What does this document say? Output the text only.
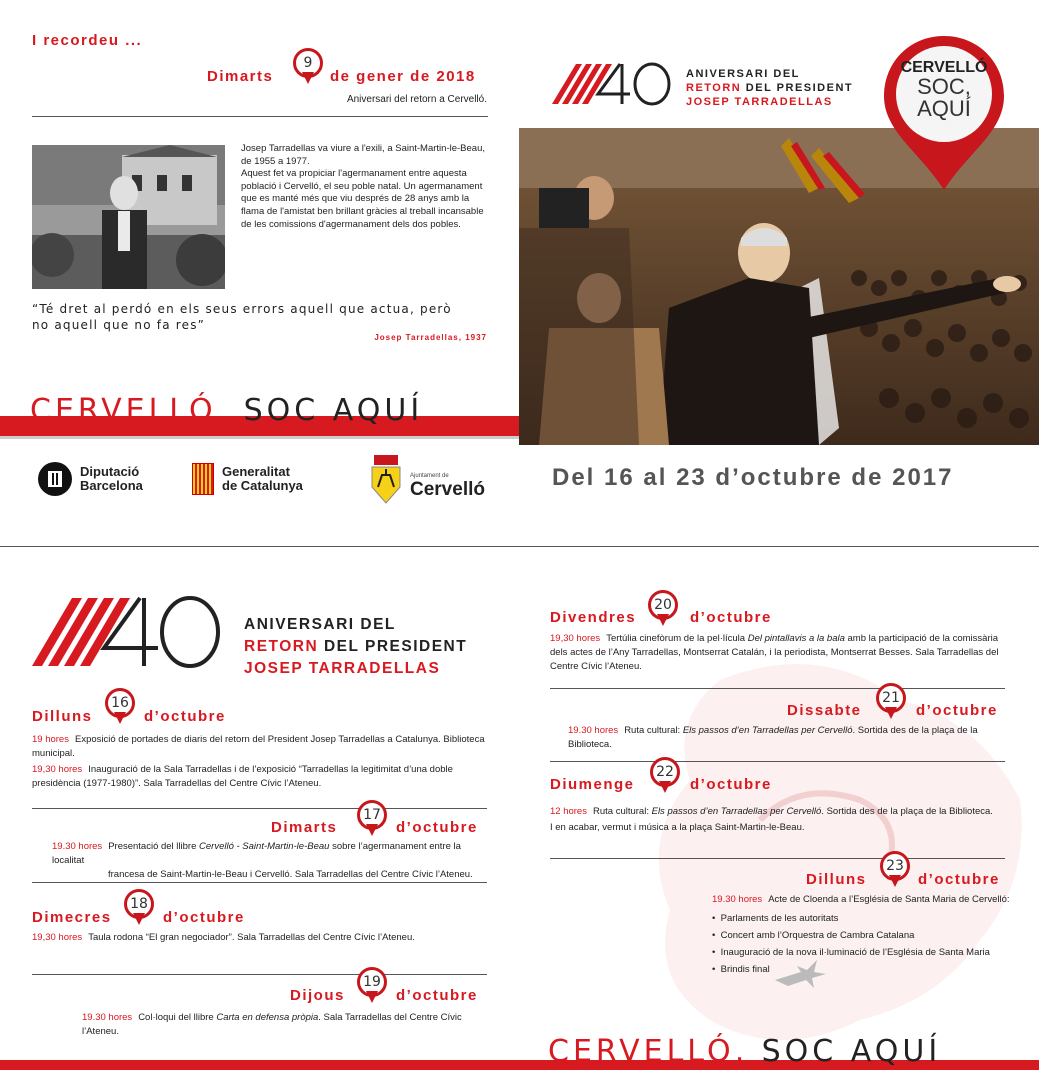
I recordeu ...
Dimarts
9
de gener de 2018
Aniversari del retorn a Cervelló.
Josep Tarradellas va viure a l'exili, a Saint-Martin-le-Beau,
de 1955 a 1977.
Aquest fet va propiciar l'agermanament entre aquesta
població i Cervelló, el seu poble natal. Un agermanament
que es manté més que viu després de 28 anys amb la
flama de l'amistat ben brillant gràcies al treball incansable
de les comissions d'agermanament dels dos pobles.
“Té dret al perdó en els seus errors aquell que actua, però
no aquell que no fa res”
Josep Tarradellas, 1937
CERVELLÓ, SOC AQUÍ
Diputació
Barcelona
Generalitat
de Catalunya
Ajuntament de
Cervelló
ANIVERSARI DEL
RETORN DEL PRESIDENT
JOSEP TARRADELLAS
CERVELLÓ
SOC,
AQUÍ
Del 16 al 23 d’octubre de 2017
ANIVERSARI DEL
RETORN DEL PRESIDENT
JOSEP TARRADELLAS
Dilluns
16
d’octubre
19 hores Exposició de portades de diaris del retorn del President Josep Tarradellas a Catalunya. Biblioteca municipal.
19,30 hores Inauguració de la Sala Tarradellas i de l’exposició “Tarradellas la legitimitat d’una doble presidència (1977-1980)”. Sala Tarradellas del Centre Cívic l’Ateneu.
Dimarts
17
d’octubre
19.30 hores Presentació del llibre Cervelló - Saint-Martin-le-Beau sobre l’agermanament entre la localitat
francesa de Saint-Martin-le-Beau i Cervelló. Sala Tarradellas del Centre Cívic l’Ateneu.
Dimecres
18
d’octubre
19,30 hores Taula rodona “El gran negociador”. Sala Tarradellas del Centre Cívic l’Ateneu.
Dijous
19
d’octubre
19.30 hores Col·loqui del llibre Carta en defensa pròpia. Sala Tarradellas del Centre Cívic l’Ateneu.
Divendres
20
d’octubre
19,30 hores Tertúlia cinefòrum de la pel·lícula Del pintallavis a la bala amb la participació de la comissària
dels actes de l’Any Tarradellas, Montserrat Catalán, i la periodista, Montserrat Besses. Sala Tarradellas del
Centre Cívic l’Ateneu.
Dissabte
21
d’octubre
19.30 hores Ruta cultural: Els passos d’en Tarradellas per Cervelló. Sortida des de la plaça de la Biblioteca.
Diumenge
22
d’octubre
12 hores Ruta cultural: Els passos d’en Tarradellas per Cervelló. Sortida des de la plaça de la Biblioteca.
I en acabar, vermut i música a la plaça Saint-Martin-le-Beau.
Dilluns
23
d’octubre
19.30 hores Acte de Cloenda a l’Església de Santa Maria de Cervelló:
•  Parlaments de les autoritats
•  Concert amb l’Orquestra de Cambra Catalana
•  Inauguració de la nova il·luminació de l’Església de Santa Maria
•  Brindis final
CERVELLÓ, SOC AQUÍ
